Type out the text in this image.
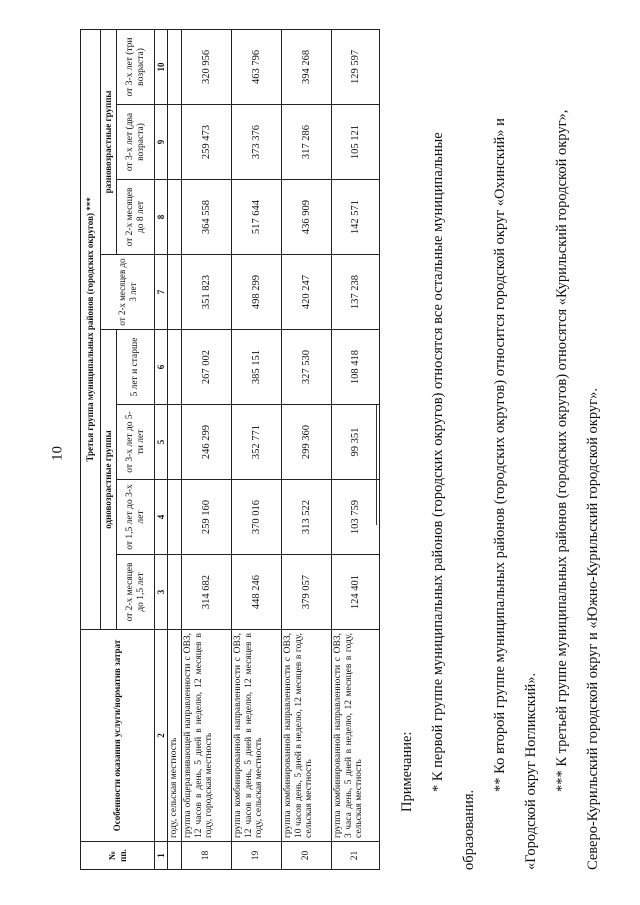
10
№ пп.	Особенности оказания услуги/норматив затрат	Третья группа муниципальных районов (городских округов) ***							
		одновозрастные группы				от 2-х месяцев до 3 лет	разновозрастные группы		
		от 2-х месяцев до 1,5 лет	от 1,5 лет до 3-х лет	от 3-х лет до 5-ти лет	5 лет и старше		от 2-х месяцев до 8 лет	от 3-х лет (два возраста)	от 3-х лет (три возраста)
1	2	3	4	5	6	7	8	9	10
	году, сельская местность								
18	группа общеразвивающей направленности с ОВЗ, 12 часов в день, 5 дней в неделю, 12 месяцев в году, городская местность	314 682	259 160	246 299	267 002	351 823	364 558	259 473	320 956
19	группа комбинированной направленности с ОВЗ, 12 часов в день, 5 дней в неделю, 12 месяцев в году, сельская местность	448 246	370 016	352 771	385 151	498 299	517 644	373 376	463 796
20	группа комбинированной направленности с ОВЗ, 10 часов день, 5 дней в неделю, 12 месяцев в году, сельская местность	379 057	313 522	299 360	327 530	420 247	436 909	317 286	394 268
21	группа комбинированной направленности с ОВЗ, 3 часа день, 5 дней в неделю, 12 месяцев в году, сельская местность	124 401	103 759	99 351	108 418	137 238	142 571	105 121	129 597

Примечание:	* К первой группе муниципальных районов (городских округов) относятся все остальные муниципальные

образования.

** Ко второй группе муниципальных районов (городских округов) относится городской округ «Охинский» и	«Городской округ Ногликский».	*** К третьей группе муниципальных районов (городских округов) относятся «Курильский городской округ»,	Северо-Курильский городской округ и «Южно-Курильский городской округ».
